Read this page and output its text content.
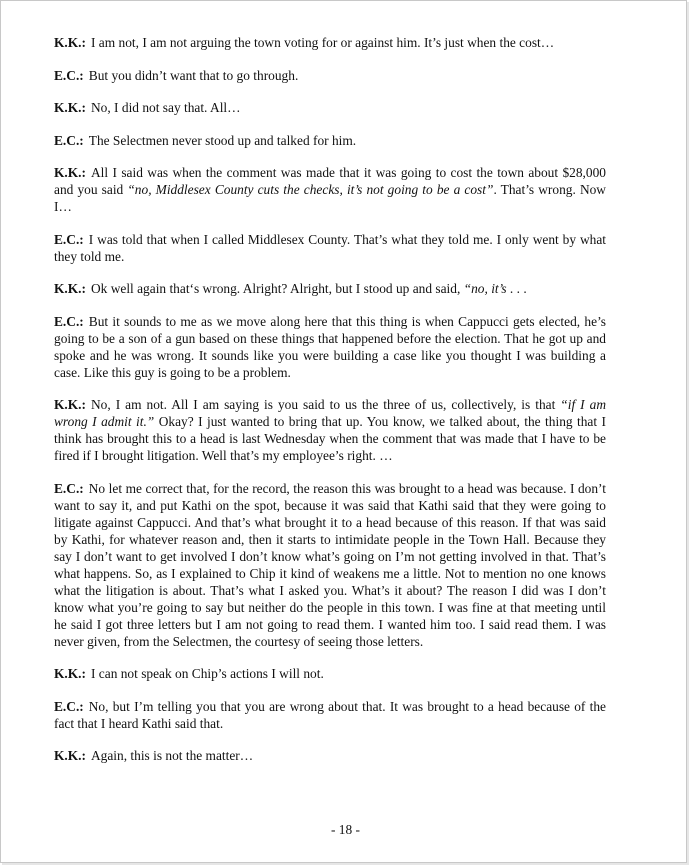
K.K.: I am not, I am not arguing the town voting for or against him. It’s just when the cost…

E.C.: But you didn’t want that to go through.

K.K.: No, I did not say that. All…

E.C.: The Selectmen never stood up and talked for him.

K.K.: All I said was when the comment was made that it was going to cost the town about $28,000 and you said “no, Middlesex County cuts the checks, it’s not going to be a cost”. That’s wrong. Now I…

E.C.: I was told that when I called Middlesex County. That’s what they told me. I only went by what they told me.

K.K.: Ok well again that‘s wrong. Alright? Alright, but I stood up and said, “no, it’s . . .

E.C.: But it sounds to me as we move along here that this thing is when Cappucci gets elected, he’s going to be a son of a gun based on these things that happened before the election. That he got up and spoke and he was wrong. It sounds like you were building a case like you thought I was building a case. Like this guy is going to be a problem.

K.K.: No, I am not. All I am saying is you said to us the three of us, collectively, is that “if I am wrong I admit it.” Okay? I just wanted to bring that up. You know, we talked about, the thing that I think has brought this to a head is last Wednesday when the comment that was made that I have to be fired if I brought litigation. Well that’s my employee’s right. …

E.C.: No let me correct that, for the record, the reason this was brought to a head was because. I don’t want to say it, and put Kathi on the spot, because it was said that Kathi said that they were going to litigate against Cappucci. And that’s what brought it to a head because of this reason. If that was said by Kathi, for whatever reason and, then it starts to intimidate people in the Town Hall. Because they say I don’t want to get involved I don’t know what’s going on I’m not getting involved in that. That’s what happens. So, as I explained to Chip it kind of weakens me a little. Not to mention no one knows what the litigation is about. That’s what I asked you. What’s it about? The reason I did was I don’t know what you’re going to say but neither do the people in this town. I was fine at that meeting until he said I got three letters but I am not going to read them. I wanted him too. I said read them. I was never given, from the Selectmen, the courtesy of seeing those letters.

K.K.: I can not speak on Chip’s actions I will not.

E.C.: No, but I’m telling you that you are wrong about that. It was brought to a head because of the fact that I heard Kathi said that.

K.K.: Again, this is not the matter…

- 18 -
